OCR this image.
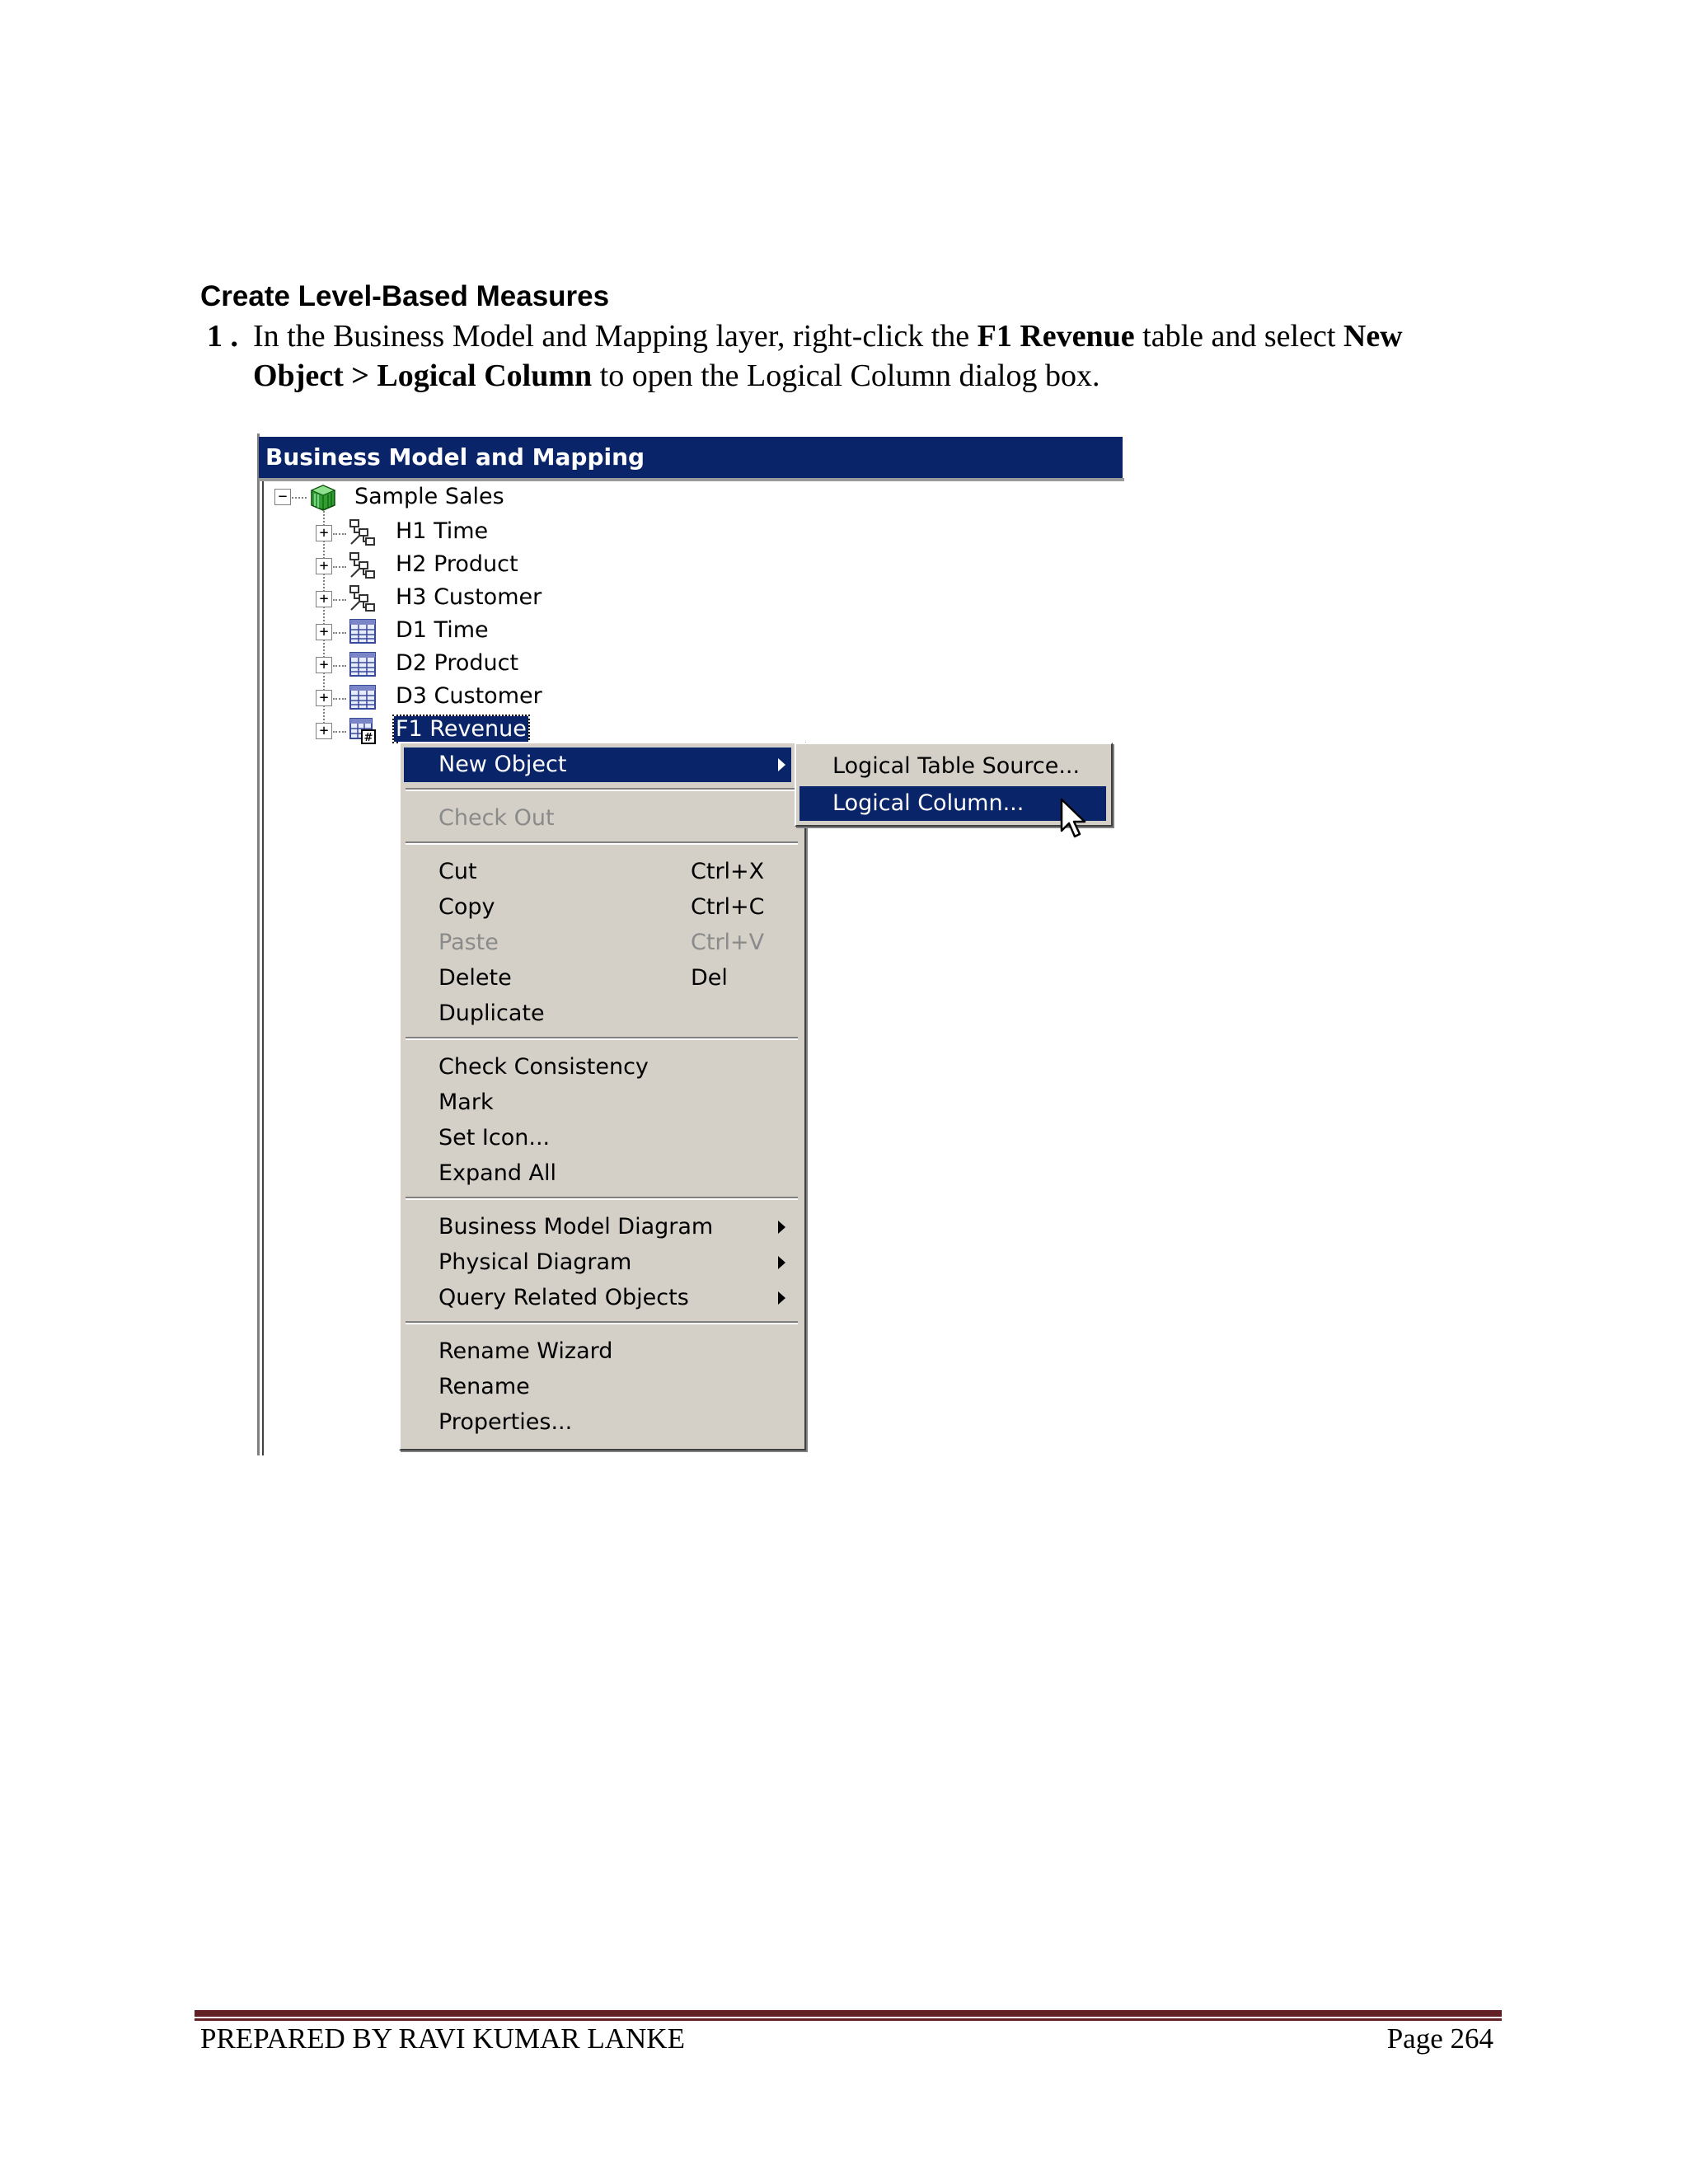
Create Level-Based Measures
1 . In the Business Model and Mapping layer, right-click the F1 Revenue table and select New
Object > Logical Column to open the Logical Column dialog box.
Business Model and Mapping
−	Sample Sales
+	H1 Time
+	H2 Product
+	H3 Customer
+	D1 Time
+	D2 Product
+	D3 Customer
+	# F1 Revenue
New Object
Check Out
Cut	Ctrl+X
Copy	Ctrl+C
Paste	Ctrl+V
Delete	Del
Duplicate
Check Consistency
Mark
Set Icon...
Expand All
Business Model Diagram
Physical Diagram
Query Related Objects
Rename Wizard
Rename
Properties...
Logical Table Source...
Logical Column...
PREPARED BY RAVI KUMAR LANKE	Page 264
